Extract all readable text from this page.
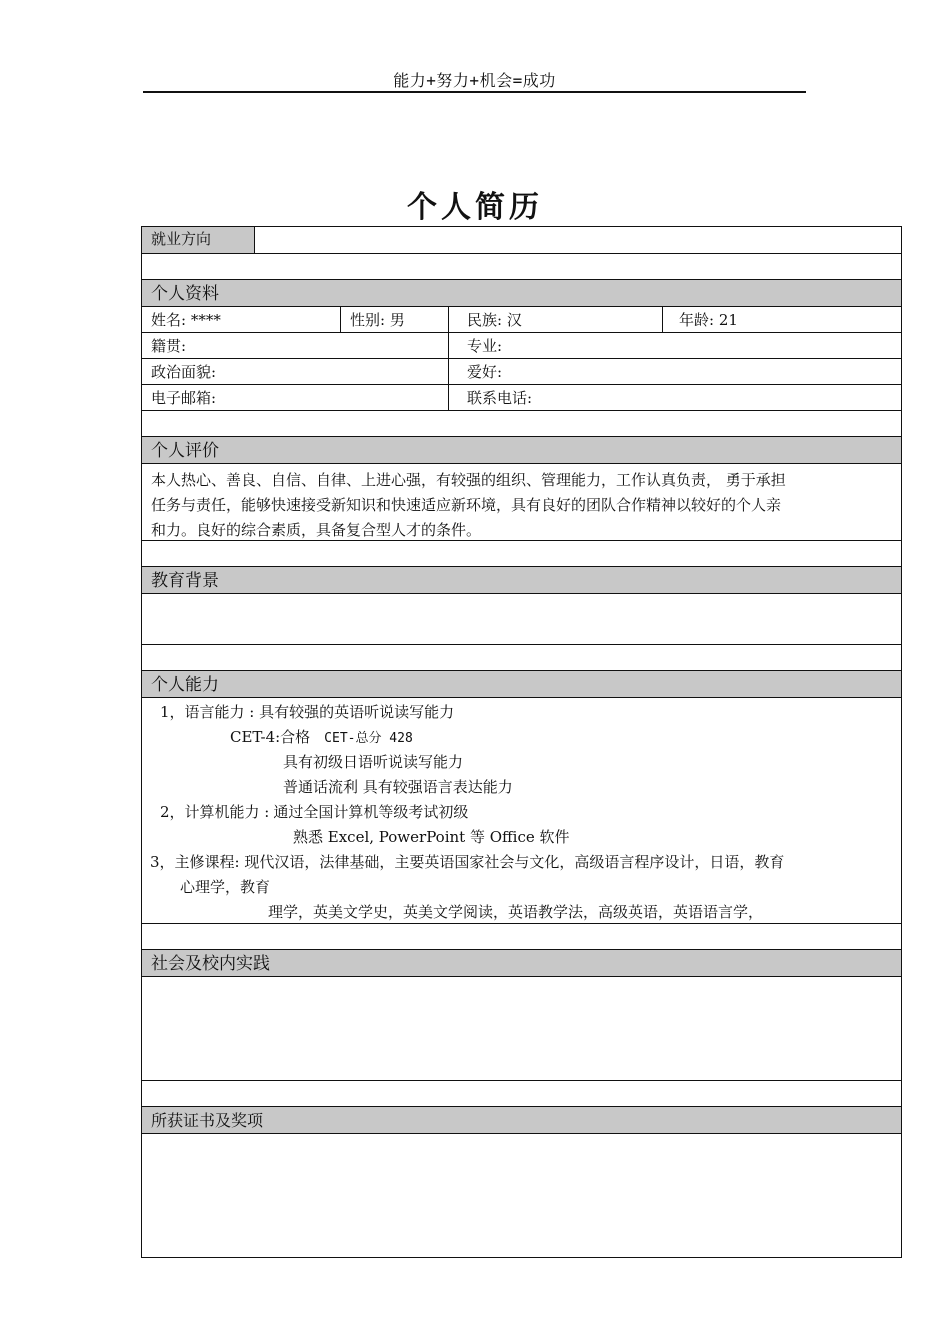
能力+努力+机会=成功
个人简历
就业方向
个人资料
姓名: ****	性别: 男	民族: 汉	年龄: 21
籍贯:	专业:
政治面貌:	爱好:
电子邮箱:	联系电话:
个人评价
本人热心、善良、自信、自律、上进心强，有较强的组织、管理能力，工作认真负责， 勇于承担
任务与责任，能够快速接受新知识和快速适应新环境，具有良好的团队合作精神以较好的个人亲
和力。良好的综合素质，具备复合型人才的条件。
教育背景
个人能力
1，语言能力 : 具有较强的英语听说读写能力
CET-4:合格 CET-总分 428
具有初级日语听说读写能力
普通话流利 具有较强语言表达能力
2，计算机能力 : 通过全国计算机等级考试初级
熟悉 Excel, PowerPoint 等 Office 软件
3，主修课程: 现代汉语，法律基础，主要英语国家社会与文化，高级语言程序设计，日语，教育
心理学，教育
理学，英美文学史，英美文学阅读，英语教学法，高级英语，英语语言学，
社会及校内实践
所获证书及奖项
